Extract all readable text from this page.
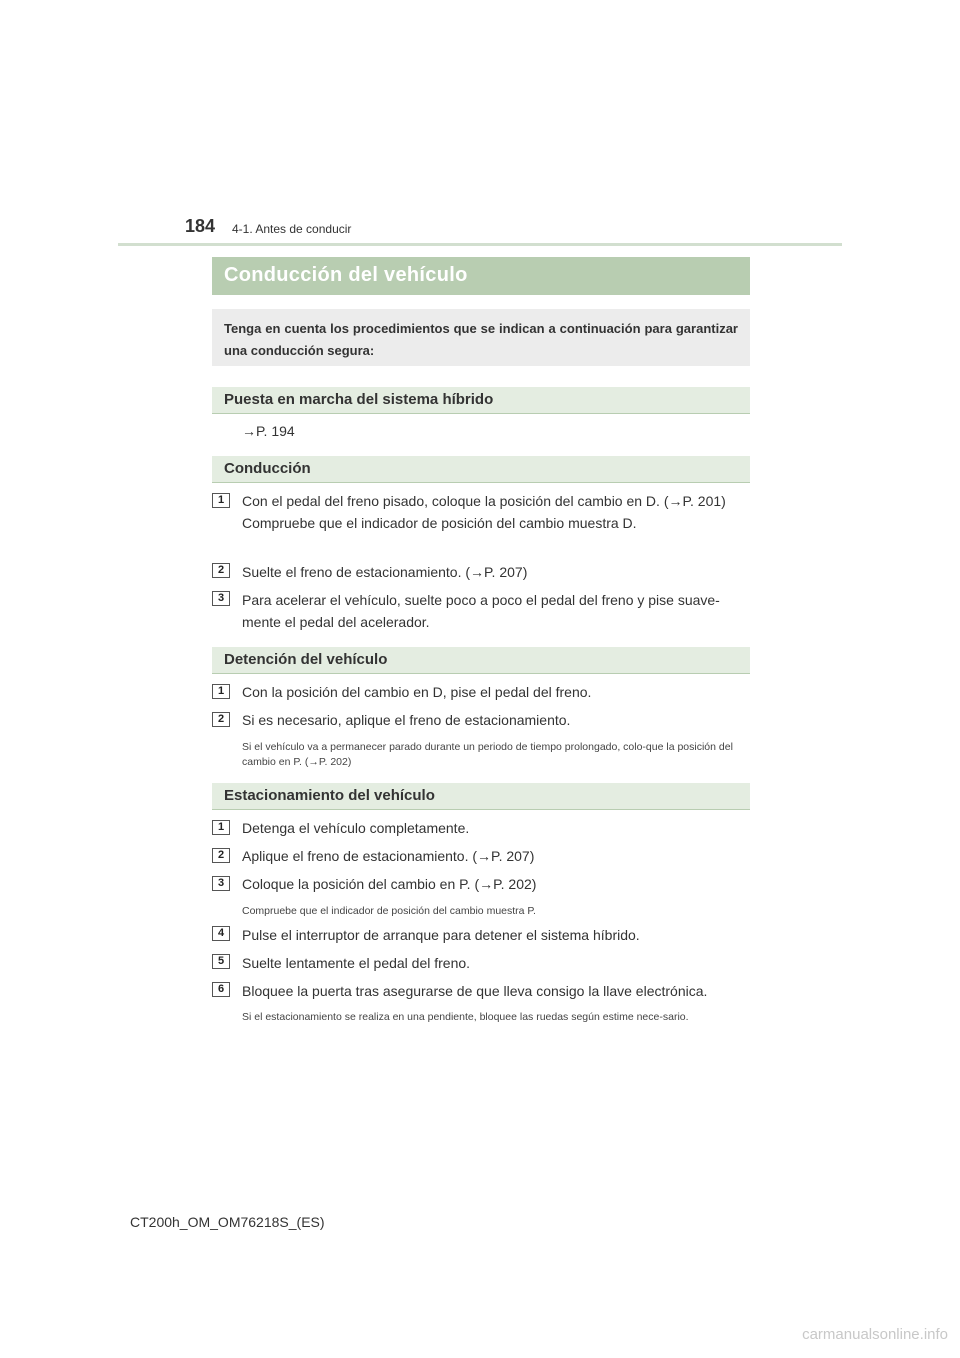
184 4-1. Antes de conducir
Conducción del vehículo
Tenga en cuenta los procedimientos que se indican a continuación para garantizar una conducción segura:
Puesta en marcha del sistema híbrido
→P. 194
Conducción
1	Con el pedal del freno pisado, coloque la posición del cambio en D. (→P. 201)
Compruebe que el indicador de posición del cambio muestra D.
2	Suelte el freno de estacionamiento. (→P. 207)
3	Para acelerar el vehículo, suelte poco a poco el pedal del freno y pise suave-mente el pedal del acelerador.
Detención del vehículo
1	Con la posición del cambio en D, pise el pedal del freno.
2	Si es necesario, aplique el freno de estacionamiento.
Si el vehículo va a permanecer parado durante un periodo de tiempo prolongado, colo-que la posición del cambio en P. (→P. 202)
Estacionamiento del vehículo
1	Detenga el vehículo completamente.
2	Aplique el freno de estacionamiento. (→P. 207)
3	Coloque la posición del cambio en P. (→P. 202)
Compruebe que el indicador de posición del cambio muestra P.
4	Pulse el interruptor de arranque para detener el sistema híbrido.
5	Suelte lentamente el pedal del freno.
6	Bloquee la puerta tras asegurarse de que lleva consigo la llave electrónica.
Si el estacionamiento se realiza en una pendiente, bloquee las ruedas según estime nece-sario.
CT200h_OM_OM76218S_(ES)
carmanualsonline.info
